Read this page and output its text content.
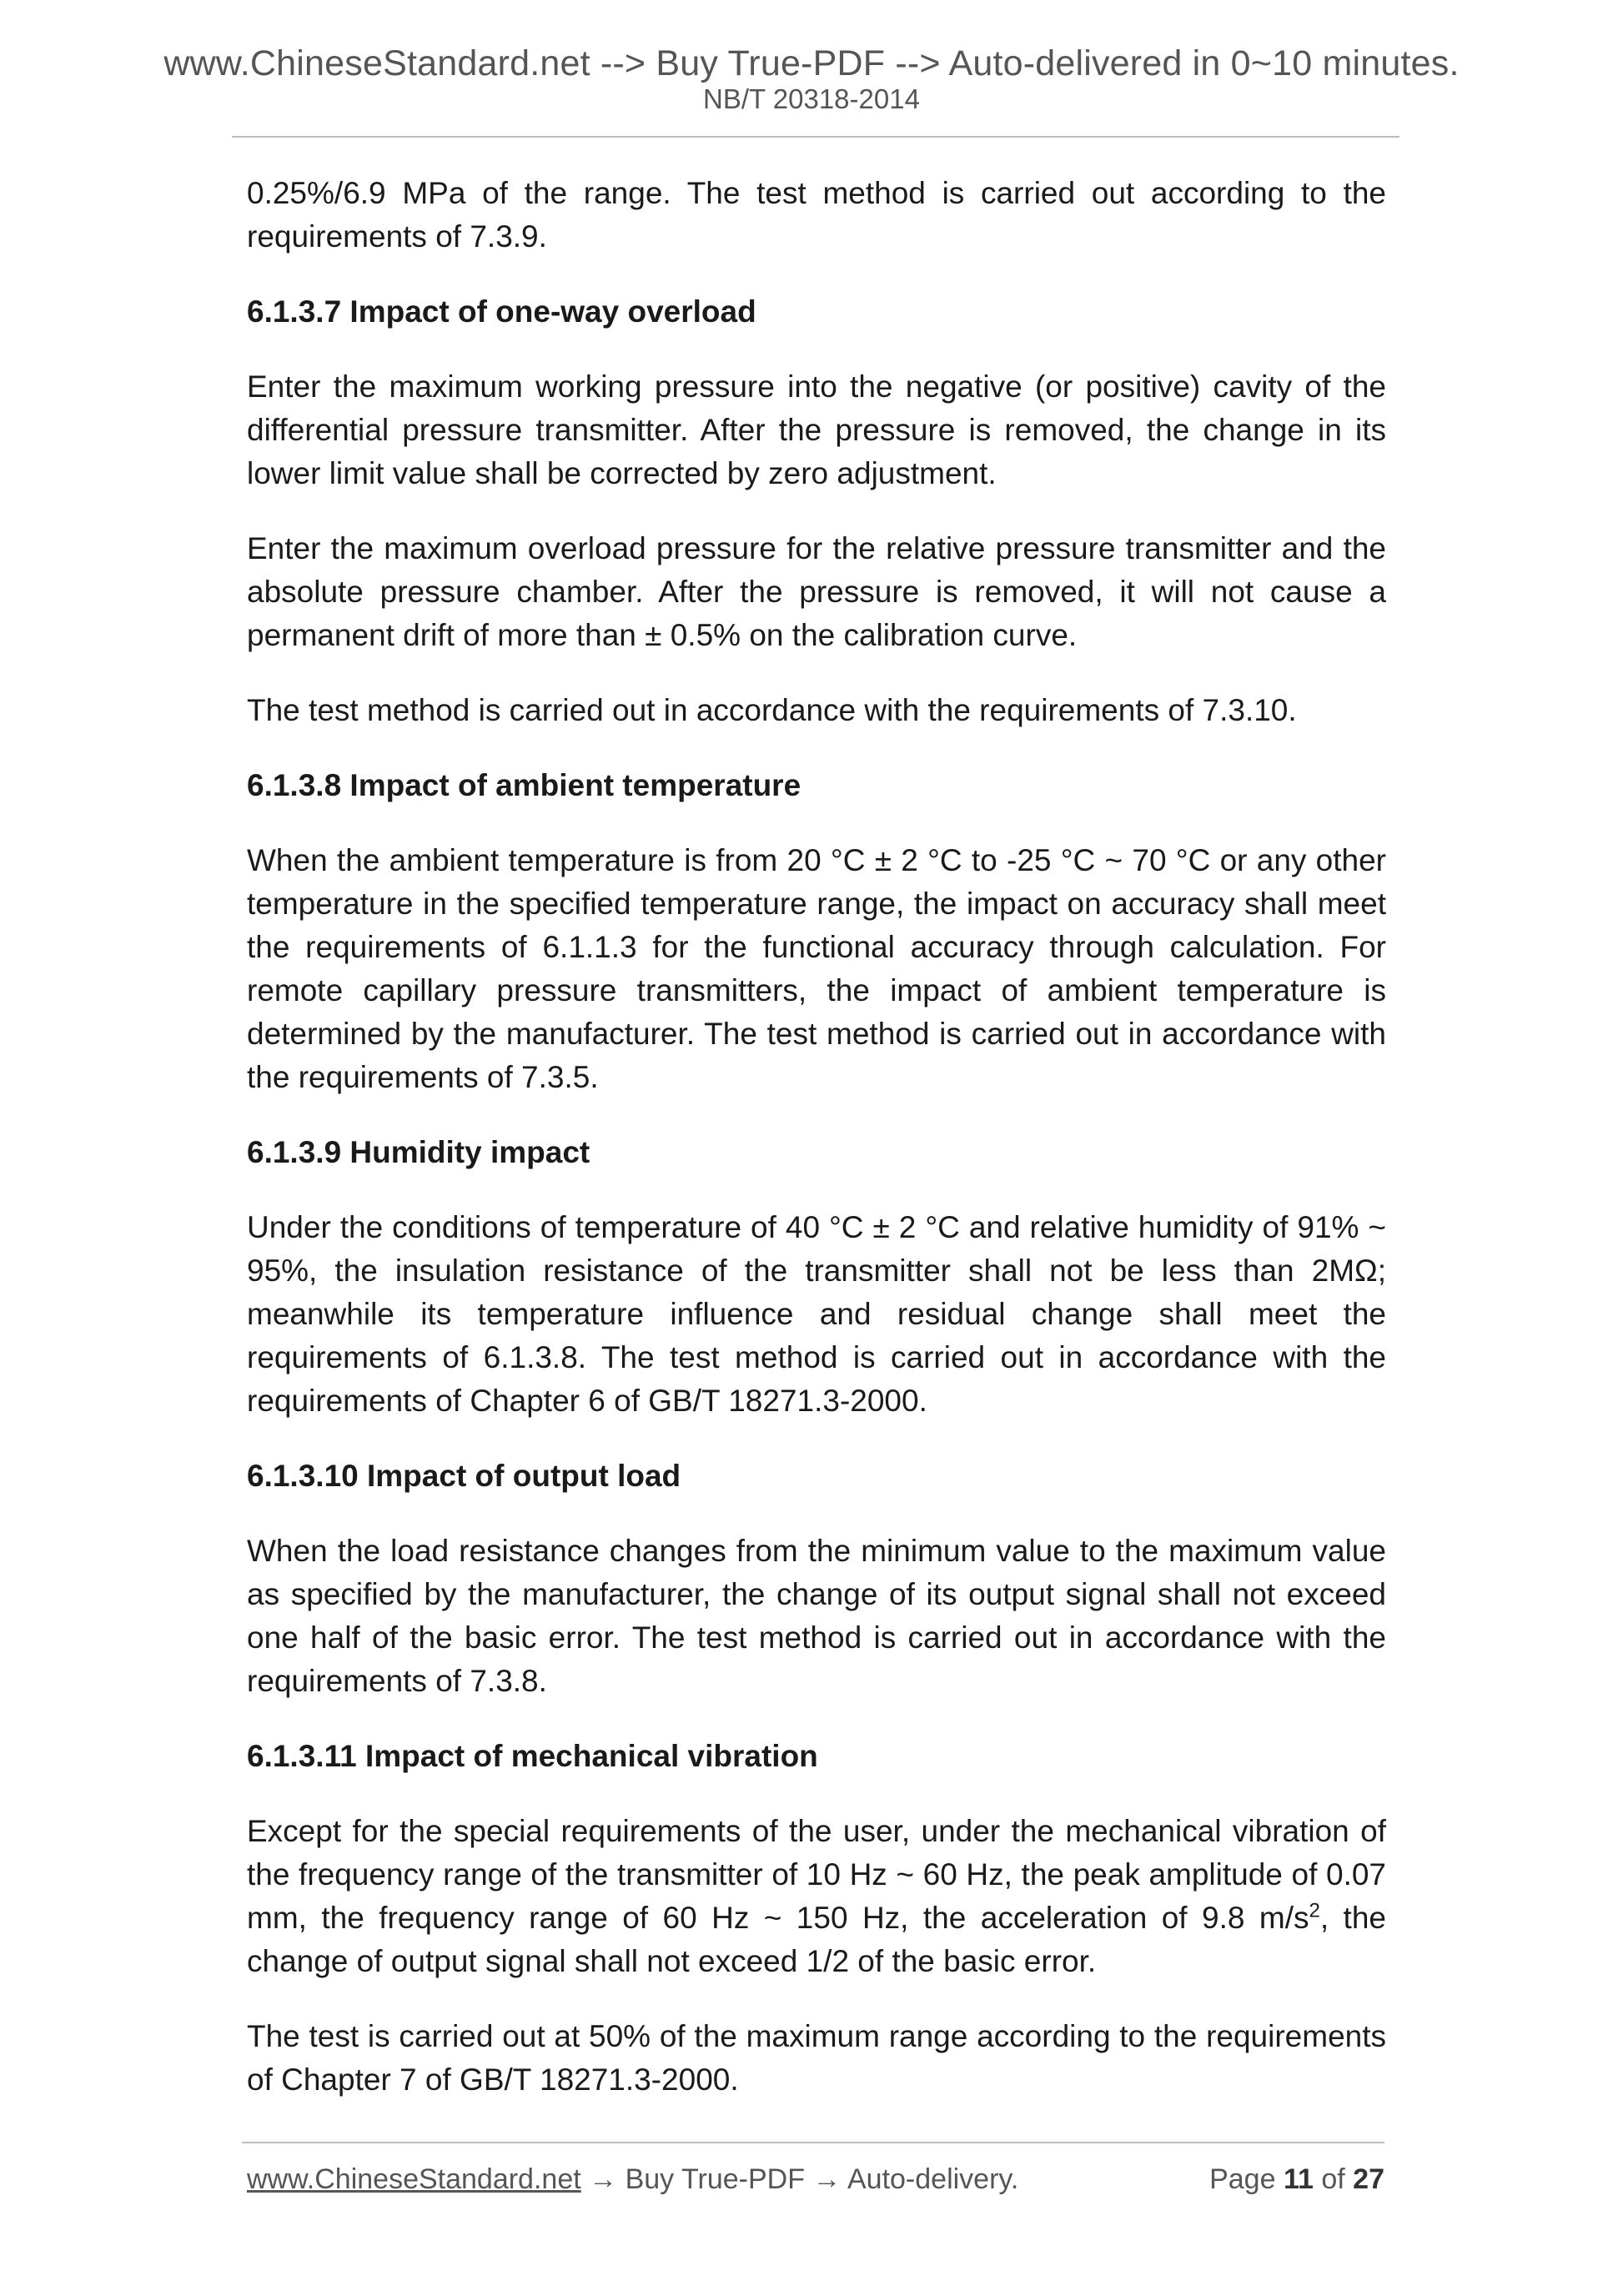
www.ChineseStandard.net --> Buy True-PDF --> Auto-delivered in 0~10 minutes.
NB/T 20318-2014

0.25%/6.9 MPa of the range. The test method is carried out according to the requirements of 7.3.9.

6.1.3.7 Impact of one-way overload

Enter the maximum working pressure into the negative (or positive) cavity of the differential pressure transmitter. After the pressure is removed, the change in its lower limit value shall be corrected by zero adjustment.

Enter the maximum overload pressure for the relative pressure transmitter and the absolute pressure chamber. After the pressure is removed, it will not cause a permanent drift of more than ± 0.5% on the calibration curve.

The test method is carried out in accordance with the requirements of 7.3.10.

6.1.3.8 Impact of ambient temperature

When the ambient temperature is from 20 °C ± 2 °C to -25 °C ~ 70 °C or any other temperature in the specified temperature range, the impact on accuracy shall meet the requirements of 6.1.1.3 for the functional accuracy through calculation. For remote capillary pressure transmitters, the impact of ambient temperature is determined by the manufacturer. The test method is carried out in accordance with the requirements of 7.3.5.

6.1.3.9 Humidity impact

Under the conditions of temperature of 40 °C ± 2 °C and relative humidity of 91% ~ 95%, the insulation resistance of the transmitter shall not be less than 2MΩ; meanwhile its temperature influence and residual change shall meet the requirements of 6.1.3.8. The test method is carried out in accordance with the requirements of Chapter 6 of GB/T 18271.3-2000.

6.1.3.10 Impact of output load

When the load resistance changes from the minimum value to the maximum value as specified by the manufacturer, the change of its output signal shall not exceed one half of the basic error. The test method is carried out in accordance with the requirements of 7.3.8.

6.1.3.11 Impact of mechanical vibration

Except for the special requirements of the user, under the mechanical vibration of the frequency range of the transmitter of 10 Hz ~ 60 Hz, the peak amplitude of 0.07 mm, the frequency range of 60 Hz ~ 150 Hz, the acceleration of 9.8 $m/s^2$, the change of output signal shall not exceed 1/2 of the basic error.

The test is carried out at 50% of the maximum range according to the requirements of Chapter 7 of GB/T 18271.3-2000.

www.ChineseStandard.net → Buy True-PDF → Auto-delivery.	Page 11 of 27
